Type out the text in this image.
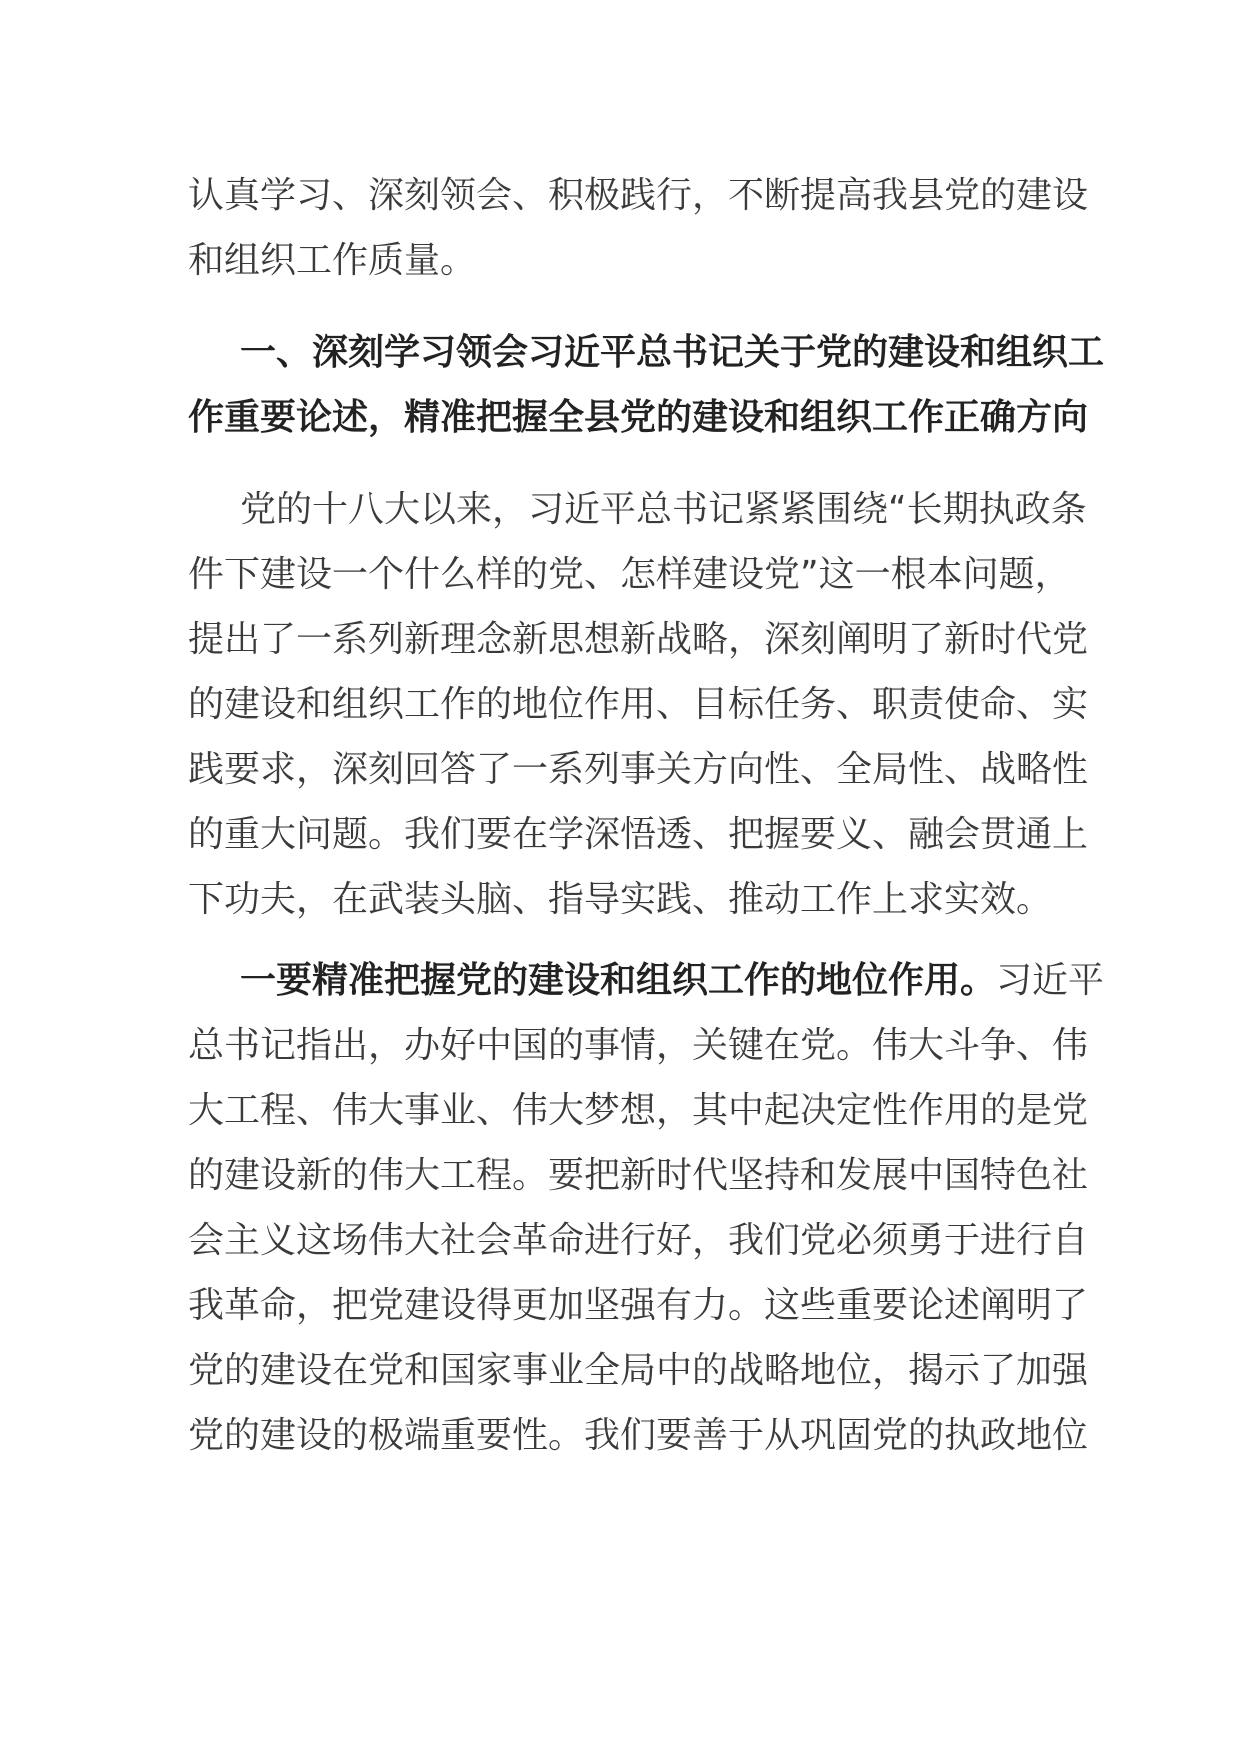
认真学习、深刻领会、积极践行，不断提高我县党的建设
和组织工作质量。
一、深刻学习领会习近平总书记关于党的建设和组织工
作重要论述，精准把握全县党的建设和组织工作正确方向
党的十八大以来，习近平总书记紧紧围绕“长期执政条
件下建设一个什么样的党、怎样建设党”这一根本问题，
提出了一系列新理念新思想新战略，深刻阐明了新时代党
的建设和组织工作的地位作用、目标任务、职责使命、实
践要求，深刻回答了一系列事关方向性、全局性、战略性
的重大问题。我们要在学深悟透、把握要义、融会贯通上
下功夫，在武装头脑、指导实践、推动工作上求实效。
一要精准把握党的建设和组织工作的地位作用。习近平
总书记指出，办好中国的事情，关键在党。伟大斗争、伟
大工程、伟大事业、伟大梦想，其中起决定性作用的是党
的建设新的伟大工程。要把新时代坚持和发展中国特色社
会主义这场伟大社会革命进行好，我们党必须勇于进行自
我革命，把党建设得更加坚强有力。这些重要论述阐明了
党的建设在党和国家事业全局中的战略地位，揭示了加强
党的建设的极端重要性。我们要善于从巩固党的执政地位
